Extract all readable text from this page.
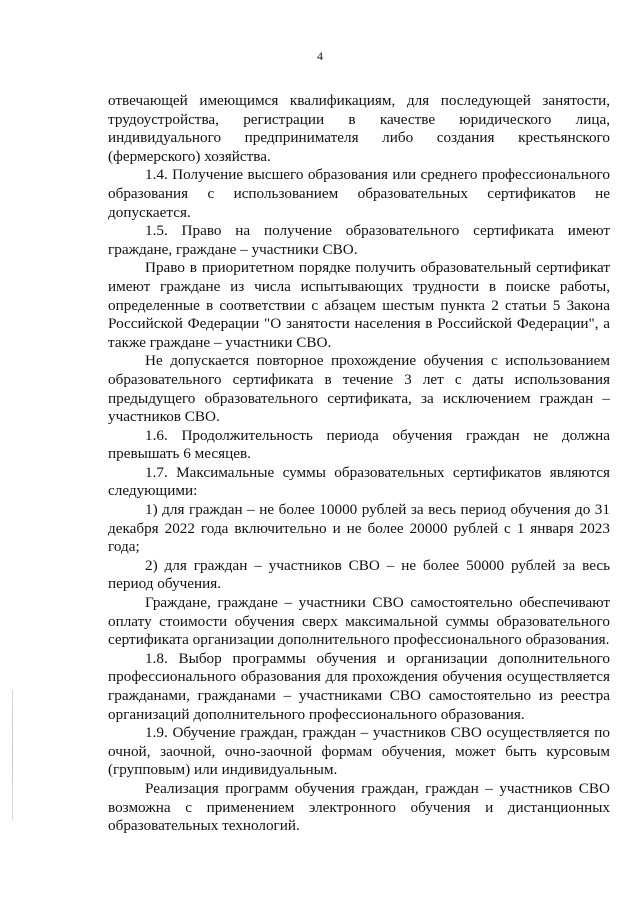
4

отвечающей имеющимся квалификациям, для последующей занятости, трудоустройства, регистрации в качестве юридического лица, индивидуального предпринимателя либо создания крестьянского (фермерского) хозяйства.

1.4. Получение высшего образования или среднего профессионального образования с использованием образовательных сертификатов не допускается.

1.5. Право на получение образовательного сертификата имеют граждане, граждане – участники СВО.

Право в приоритетном порядке получить образовательный сертификат имеют граждане из числа испытывающих трудности в поиске работы, определенные в соответствии с абзацем шестым пункта 2 статьи 5 Закона Российской Федерации "О занятости населения в Российской Федерации", а также граждане – участники СВО.

Не допускается повторное прохождение обучения с использованием образовательного сертификата в течение 3 лет с даты использования предыдущего образовательного сертификата, за исключением граждан – участников СВО.

1.6. Продолжительность периода обучения граждан не должна превышать 6 месяцев.

1.7. Максимальные суммы образовательных сертификатов являются следующими:

1) для граждан – не более 10000 рублей за весь период обучения до 31 декабря 2022 года включительно и не более 20000 рублей с 1 января 2023 года;

2) для граждан – участников СВО – не более 50000 рублей за весь период обучения.

Граждане, граждане – участники СВО самостоятельно обеспечивают оплату стоимости обучения сверх максимальной суммы образовательного сертификата организации дополнительного профессионального образования.

1.8. Выбор программы обучения и организации дополнительного профессионального образования для прохождения обучения осуществляется гражданами, гражданами – участниками СВО самостоятельно из реестра организаций дополнительного профессионального образования.

1.9. Обучение граждан, граждан – участников СВО осуществляется по очной, заочной, очно-заочной формам обучения, может быть курсовым (групповым) или индивидуальным.

Реализация программ обучения граждан, граждан – участников СВО возможна с применением электронного обучения и дистанционных образовательных технологий.
